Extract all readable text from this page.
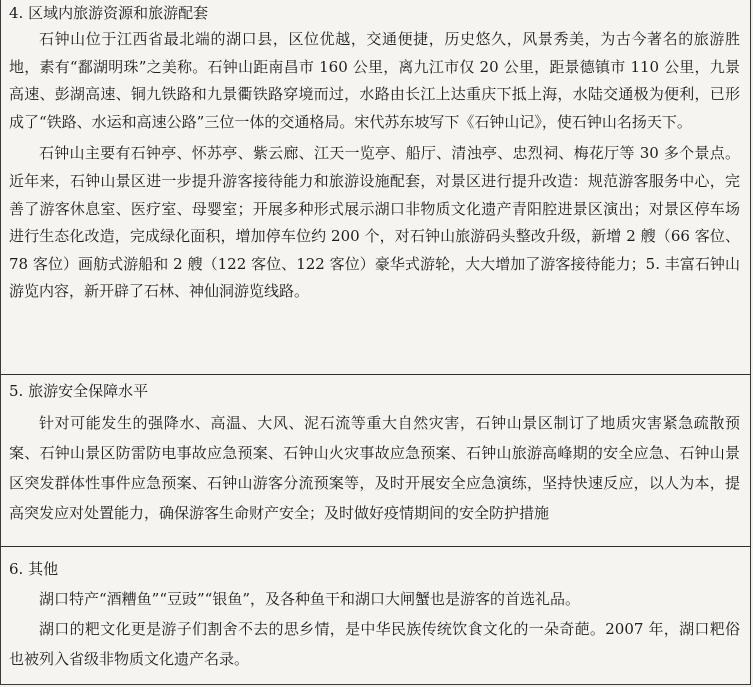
4. 区域内旅游资源和旅游配套

石钟山位于江西省最北端的湖口县，区位优越，交通便捷，历史悠久，风景秀美，为古今著名的旅游胜地，素有“鄱湖明珠”之美称。石钟山距南昌市 160 公里，离九江市仅 20 公里，距景德镇市 110 公里，九景高速、彭湖高速、铜九铁路和九景衢铁路穿境而过，水路由长江上达重庆下抵上海，水陆交通极为便利，已形成了“铁路、水运和高速公路”三位一体的交通格局。宋代苏东坡写下《石钟山记》，使石钟山名扬天下。

石钟山主要有石钟亭、怀苏亭、紫云廊、江天一览亭、船厅、清浊亭、忠烈祠、梅花厅等 30 多个景点。近年来，石钟山景区进一步提升游客接待能力和旅游设施配套，对景区进行提升改造：规范游客服务中心，完善了游客休息室、医疗室、母婴室；开展多种形式展示湖口非物质文化遗产青阳腔进景区演出；对景区停车场进行生态化改造，完成绿化面积，增加停车位约 200 个，对石钟山旅游码头整改升级，新增 2 艘（66 客位、78 客位）画舫式游船和 2 艘（122 客位、122 客位）豪华式游轮，大大增加了游客接待能力；5. 丰富石钟山游览内容，新开辟了石林、神仙洞游览线路。

5. 旅游安全保障水平

针对可能发生的强降水、高温、大风、泥石流等重大自然灾害，石钟山景区制订了地质灾害紧急疏散预案、石钟山景区防雷防电事故应急预案、石钟山火灾事故应急预案、石钟山旅游高峰期的安全应急、石钟山景区突发群体性事件应急预案、石钟山游客分流预案等，及时开展安全应急演练，坚持快速反应，以人为本，提高突发应对处置能力，确保游客生命财产安全；及时做好疫情期间的安全防护措施

6. 其他

湖口特产“酒糟鱼”“豆豉”“银鱼”，及各种鱼干和湖口大闸蟹也是游客的首选礼品。

湖口的粑文化更是游子们割舍不去的思乡情，是中华民族传统饮食文化的一朵奇葩。2007 年，湖口粑俗也被列入省级非物质文化遗产名录。
